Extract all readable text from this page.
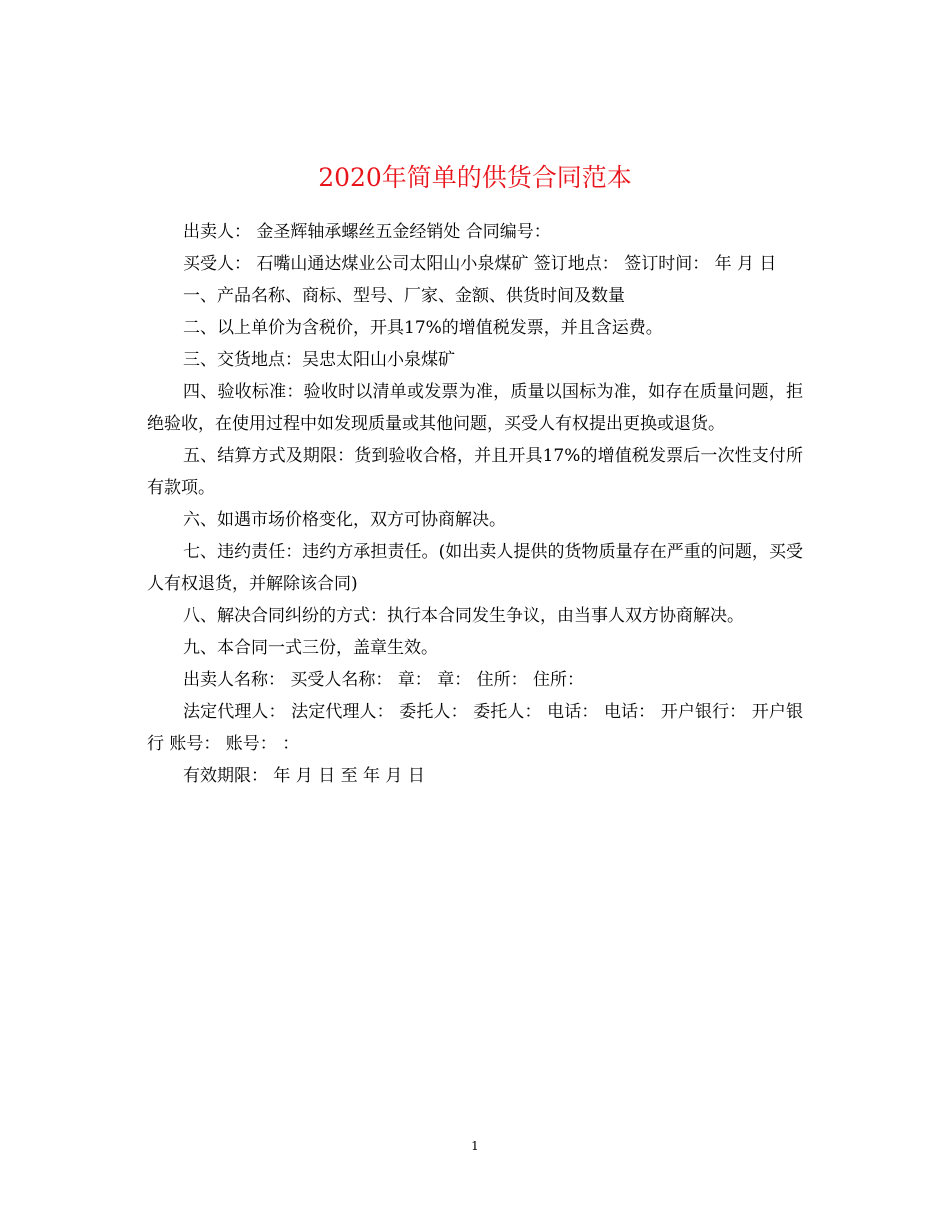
2020年简单的供货合同范本

出卖人： 金圣辉轴承螺丝五金经销处 合同编号：

买受人： 石嘴山通达煤业公司太阳山小泉煤矿 签订地点： 签订时间： 年 月 日

一、产品名称、商标、型号、厂家、金额、供货时间及数量

二、以上单价为含税价，开具17%的增值税发票，并且含运费。

三、交货地点：吴忠太阳山小泉煤矿

四、验收标准：验收时以清单或发票为准，质量以国标为准，如存在质量问题，拒绝验收，在使用过程中如发现质量或其他问题，买受人有权提出更换或退货。

五、结算方式及期限：货到验收合格，并且开具17%的增值税发票后一次性支付所有款项。

六、如遇市场价格变化，双方可协商解决。

七、违约责任：违约方承担责任。(如出卖人提供的货物质量存在严重的问题，买受人有权退货，并解除该合同)

八、解决合同纠纷的方式：执行本合同发生争议，由当事人双方协商解决。

九、本合同一式三份，盖章生效。

出卖人名称： 买受人名称： 章： 章： 住所： 住所：

法定代理人： 法定代理人： 委托人： 委托人： 电话： 电话： 开户银行： 开户银行 账号： 账号： ：

有效期限： 年 月 日 至 年 月 日

1
